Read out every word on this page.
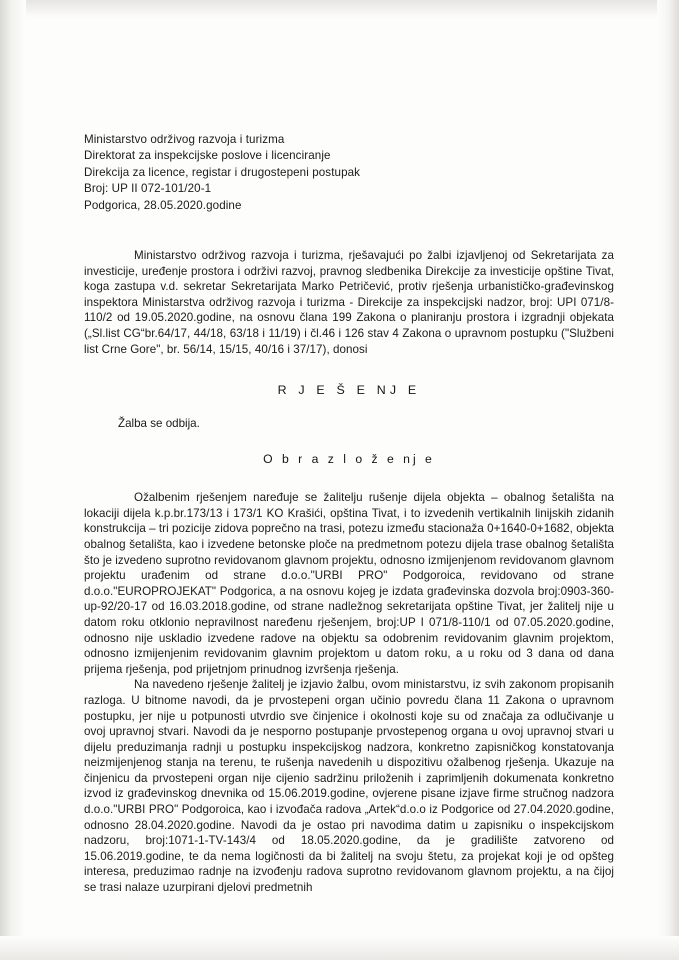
Ministarstvo održivog razvoja i turizma
Direktorat za inspekcijske poslove i licenciranje
Direkcija za licence, registar i drugostepeni postupak
Broj: UP II 072-101/20-1
Podgorica, 28.05.2020.godine

Ministarstvo održivog razvoja i turizma, rješavajući po žalbi izjavljenoj od Sekretarijata za investicije, uređenje prostora i održivi razvoj, pravnog sledbenika Direkcije za investicije opštine Tivat, koga zastupa v.d. sekretar Sekretarijata Marko Petričević, protiv rješenja urbanističko-građevinskog inspektora Ministarstva održivog razvoja i turizma - Direkcije za inspekcijski nadzor, broj: UPI 071/8-110/2 od 19.05.2020.godine, na osnovu člana 199 Zakona o planiranju prostora i izgradnji objekata („Sl.list CG“br.64/17, 44/18, 63/18 i 11/19) i čl.46 i 126 stav 4 Zakona o upravnom postupku ("Službeni list Crne Gore", br. 56/14, 15/15, 40/16 i 37/17), donosi

R J E Š E NJ E
Žalba se odbija.
O b r a z l o ž e nj e

Ožalbenim rješenjem naređuje se žalitelju rušenje dijela objekta – obalnog šetališta na lokaciji dijela k.p.br.173/13 i 173/1 KO Krašići, opština Tivat, i to izvedenih vertikalnih linijskih zidanih konstrukcija – tri pozicije zidova poprečno na trasi, potezu između stacionaža 0+1640-0+1682, objekta obalnog šetališta, kao i izvedene betonske ploče na predmetnom potezu dijela trase obalnog šetališta što je izvedeno suprotno revidovanom glavnom projektu, odnosno izmijenjenom revidovanom glavnom projektu urađenim od strane d.o.o."URBI PRO" Podgoroica, revidovano od strane d.o.o."EUROPROJEKAT" Podgorica, a na osnovu kojeg je izdata građevinska dozvola broj:0903-360-up-92/20-17 od 16.03.2018.godine, od strane nadležnog sekretarijata opštine Tivat, jer žalitelj nije u datom roku otklonio nepravilnost naređenu rješenjem, broj:UP I 071/8-110/1 od 07.05.2020.godine, odnosno nije uskladio izvedene radove na objektu sa odobrenim revidovanim glavnim projektom, odnosno izmijenjenim revidovanim glavnim projektom u datom roku, a u roku od 3 dana od dana prijema rješenja, pod prijetnjom prinudnog izvršenja rješenja.

Na navedeno rješenje žalitelj je izjavio žalbu, ovom ministarstvu, iz svih zakonom propisanih razloga. U bitnome navodi, da je prvostepeni organ učinio povredu člana 11 Zakona o upravnom postupku, jer nije u potpunosti utvrdio sve činjenice i okolnosti koje su od značaja za odlučivanje u ovoj upravnoj stvari. Navodi da je nesporno postupanje prvostepenog organa u ovoj upravnoj stvari u dijelu preduzimanja radnji u postupku inspekcijskog nadzora, konkretno zapisničkog konstatovanja neizmijenjenog stanja na terenu, te rušenja navedenih u dispozitivu ožalbenog rješenja. Ukazuje na činjenicu da prvostepeni organ nije cijenio sadržinu priloženih i zaprimljenih dokumenata konkretno izvod iz građevinskog dnevnika od 15.06.2019.godine, ovjerene pisane izjave firme stručnog nadzora d.o.o."URBI PRO" Podgoroica, kao i izvođača radova „Artek“d.o.o iz Podgorice od 27.04.2020.godine, odnosno 28.04.2020.godine. Navodi da je ostao pri navodima datim u zapisniku o inspekcijskom nadzoru, broj:1071-1-TV-143/4 od 18.05.2020.godine, da je gradilište zatvoreno od 15.06.2019.godine, te da nema logičnosti da bi žalitelj na svoju štetu, za projekat koji je od opšteg interesa, preduzimao radnje na izvođenju radova suprotno revidovanom glavnom projektu, a na čijoj se trasi nalaze uzurpirani djelovi predmetnih
